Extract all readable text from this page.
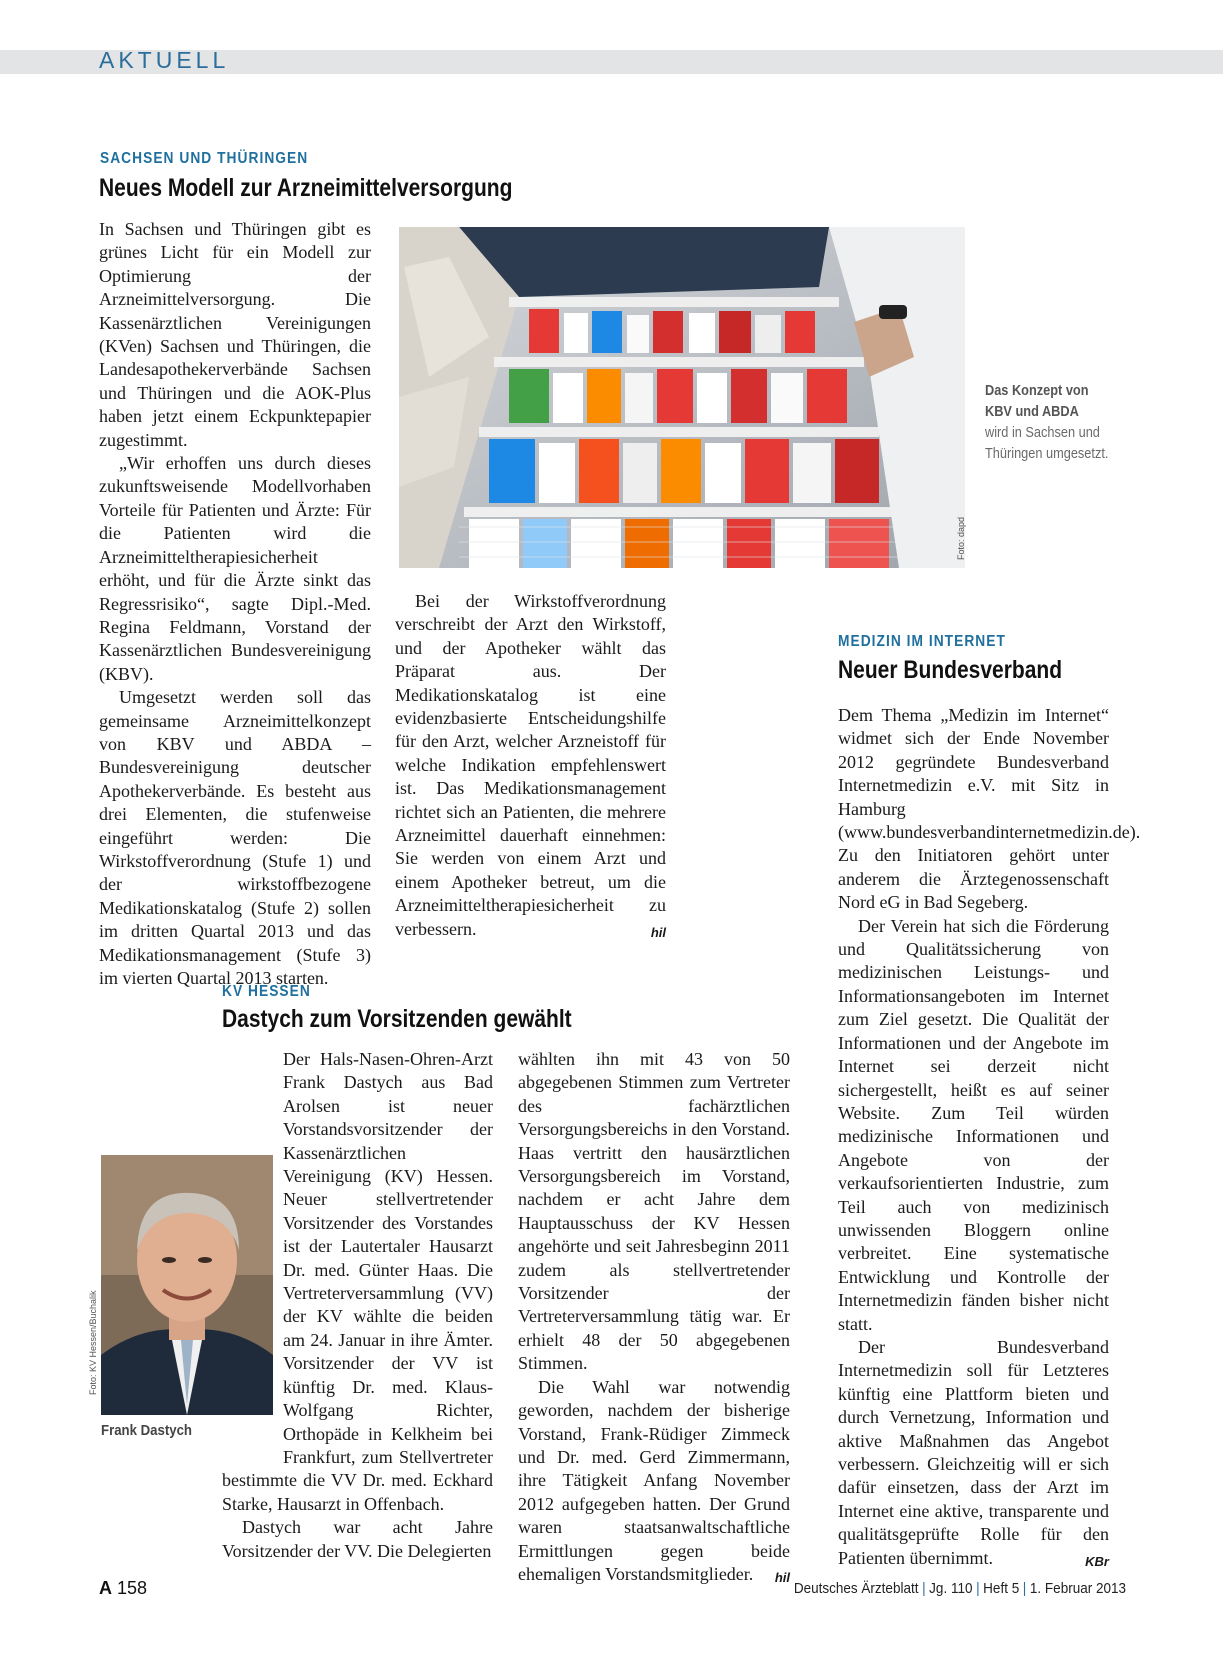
AKTUELL
SACHSEN UND THÜRINGEN
Neues Modell zur Arzneimittelversorgung

In Sachsen und Thüringen gibt es grünes Licht für ein Modell zur Optimierung der Arzneimittelversorgung. Die Kassenärztlichen Vereinigungen (KVen) Sachsen und Thüringen, die Landesapothekerverbände Sachsen und Thüringen und die AOK-Plus haben jetzt einem Eckpunktepapier zugestimmt.

„Wir erhoffen uns durch dieses zukunftsweisende Modellvorhaben Vorteile für Patienten und Ärzte: Für die Patienten wird die Arzneimitteltherapiesicherheit erhöht, und für die Ärzte sinkt das Regressrisiko“, sagte Dipl.-Med. Regina Feldmann, Vorstand der Kassenärztlichen Bundesvereinigung (KBV).

Umgesetzt werden soll das gemeinsame Arzneimittelkonzept von KBV und ABDA – Bundesvereinigung deutscher Apothekerverbände. Es besteht aus drei Elementen, die stufenweise eingeführt werden: Die Wirkstoffverordnung (Stufe 1) und der wirkstoffbezogene Medikationskatalog (Stufe 2) sollen im dritten Quartal 2013 und das Medikationsmanagement (Stufe 3) im vierten Quartal 2013 starten.

Foto: dapd
Das Konzept von KBV und ABDA
wird in Sachsen und Thüringen umgesetzt.

Bei der Wirkstoffverordnung verschreibt der Arzt den Wirkstoff, und der Apotheker wählt das Präparat aus. Der Medikationskatalog ist eine evidenzbasierte Entscheidungshilfe für den Arzt, welcher Arzneistoff für welche Indikation empfehlenswert ist. Das Medikationsmanagement richtet sich an Patienten, die mehrere Arzneimittel dauerhaft einnehmen: Sie werden von einem Arzt und einem Apotheker betreut, um die Arzneimitteltherapiesicherheit zu verbessern.	hil

MEDIZIN IM INTERNET
Neuer Bundesverband

Dem Thema „Medizin im Internet“ widmet sich der Ende November 2012 gegründete Bundesverband Internetmedizin e.V. mit Sitz in Hamburg (www.bundesverbandinternetmedizin.de). Zu den Initiatoren gehört unter anderem die Ärztegenossenschaft Nord eG in Bad Segeberg.

Der Verein hat sich die Förderung und Qualitätssicherung von medizinischen Leistungs- und Informationsangeboten im Internet zum Ziel gesetzt. Die Qualität der Informationen und der Angebote im Internet sei derzeit nicht sichergestellt, heißt es auf seiner Website. Zum Teil würden medizinische Informationen und Angebote von der verkaufsorientierten Industrie, zum Teil auch von medizinisch unwissenden Bloggern online verbreitet. Eine systematische Entwicklung und Kontrolle der Internetmedizin fänden bisher nicht statt.

Der Bundesverband Internetmedizin soll für Letzteres künftig eine Plattform bieten und durch Vernetzung, Information und aktive Maßnahmen das Angebot verbessern. Gleichzeitig will er sich dafür einsetzen, dass der Arzt im Internet eine aktive, transparente und qualitätsgeprüfte Rolle für den Patienten übernimmt.	KBr

KV HESSEN
Dastych zum Vorsitzenden gewählt
Foto: KV Hessen/Buchalik
Frank Dastych

Der Hals-Nasen-Ohren-Arzt Frank Dastych aus Bad Arolsen ist neuer Vorstandsvorsitzender der Kassenärztlichen Vereinigung (KV) Hessen. Neuer stellvertretender Vorsitzender des Vorstandes ist der Lautertaler Hausarzt Dr. med. Günter Haas. Die Vertreterversammlung (VV) der KV wählte die beiden am 24. Januar in ihre Ämter. Vorsitzender der VV ist künftig Dr. med. Klaus-Wolfgang Richter, Orthopäde in Kelkheim bei Frankfurt, zum Stellvertreter bestimmte die VV Dr. med. Eckhard Starke, Hausarzt in Offenbach.

Dastych war acht Jahre Vorsitzender der VV. Die Delegierten

wählten ihn mit 43 von 50 abgegebenen Stimmen zum Vertreter des fachärztlichen Versorgungsbereichs in den Vorstand. Haas vertritt den hausärztlichen Versorgungsbereich im Vorstand, nachdem er acht Jahre dem Hauptausschuss der KV Hessen angehörte und seit Jahresbeginn 2011 zudem als stellvertretender Vorsitzender der Vertreterversammlung tätig war. Er erhielt 48 der 50 abgegebenen Stimmen.

Die Wahl war notwendig geworden, nachdem der bisherige Vorstand, Frank-Rüdiger Zimmeck und Dr. med. Gerd Zimmermann, ihre Tätigkeit Anfang November 2012 aufgegeben hatten. Der Grund waren staatsanwaltschaftliche Ermittlungen gegen beide ehemaligen Vorstandsmitglieder.	hil

A 158	Deutsches Ärzteblatt | Jg. 110 | Heft 5 | 1. Februar 2013
